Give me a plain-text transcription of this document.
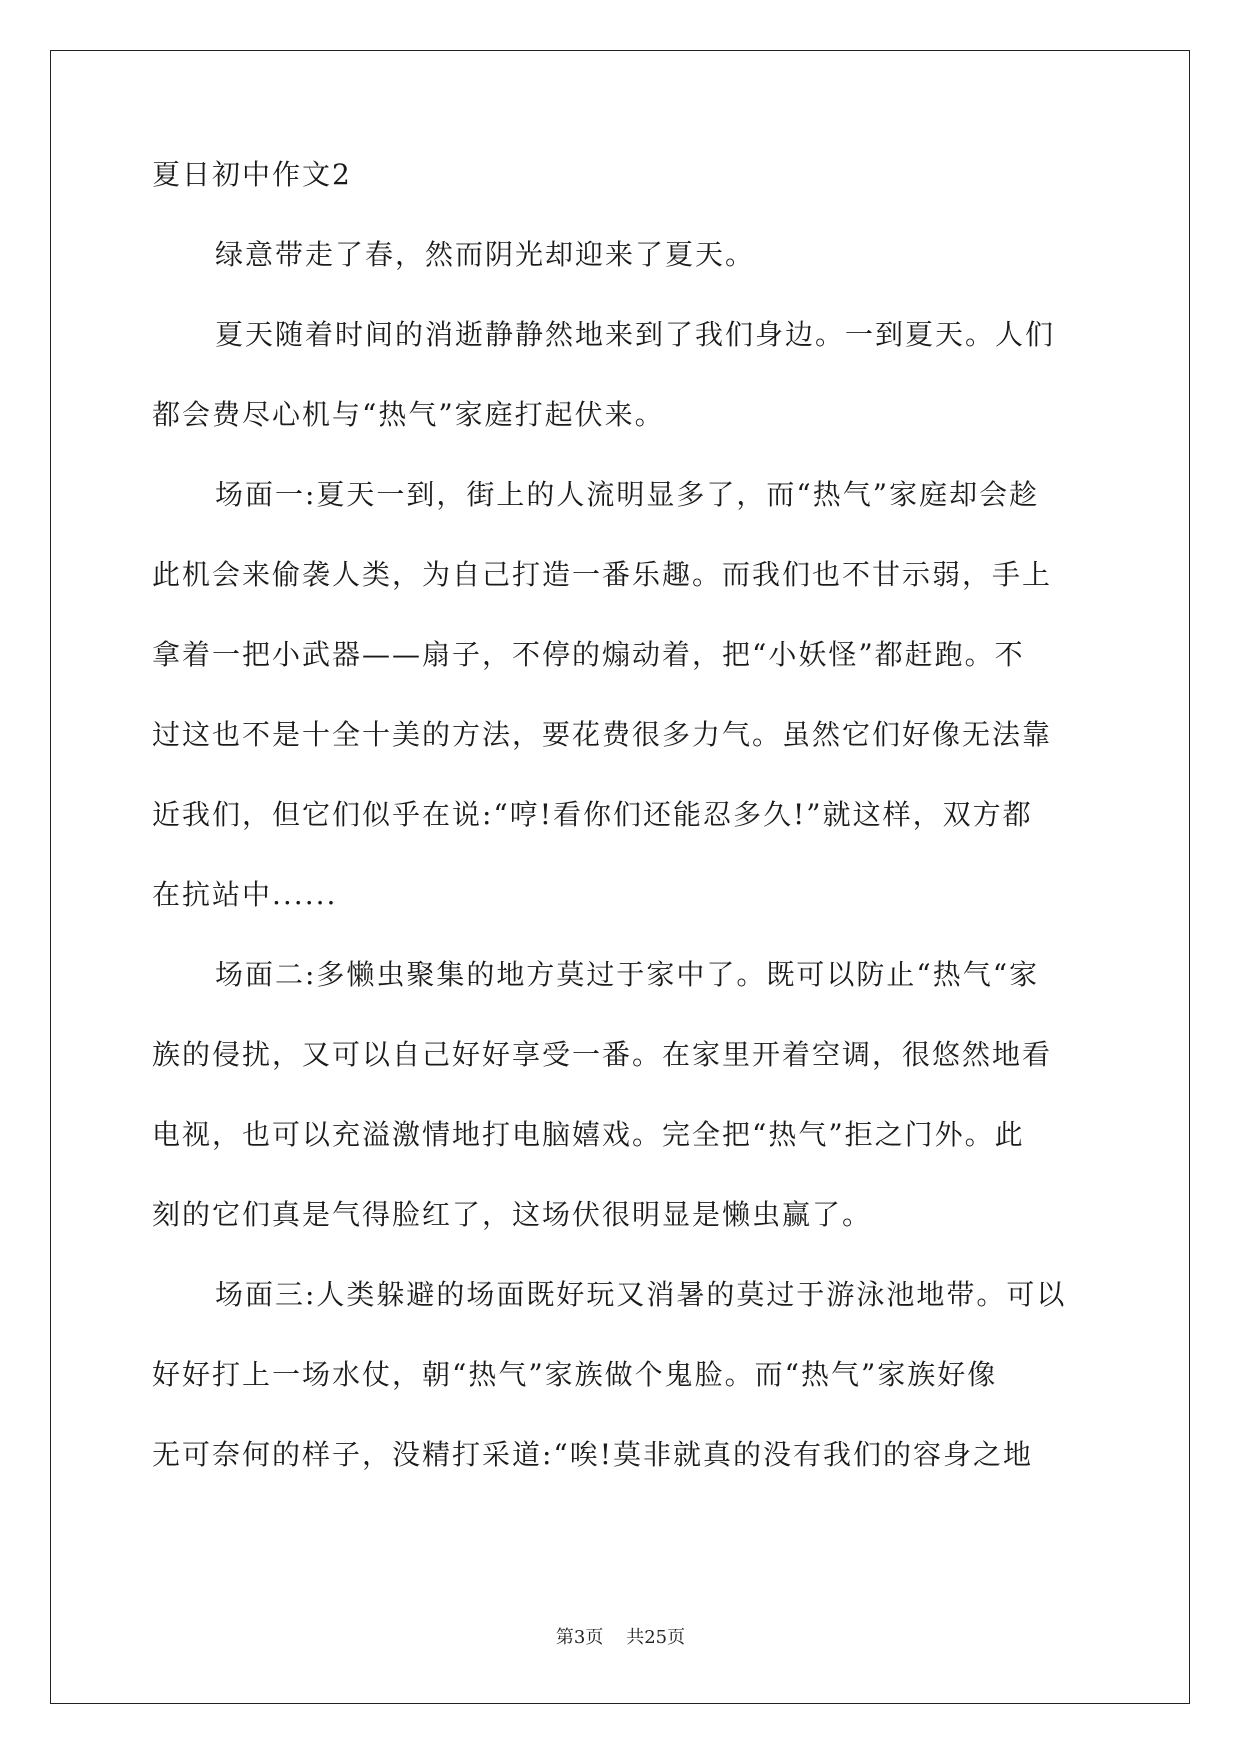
夏日初中作文2
绿意带走了春，然而阴光却迎来了夏天。
夏天随着时间的消逝静静然地来到了我们身边。一到夏天。人们
都会费尽心机与“热气”家庭打起伏来。
场面一:夏天一到，街上的人流明显多了，而“热气”家庭却会趁
此机会来偷袭人类，为自己打造一番乐趣。而我们也不甘示弱，手上
拿着一把小武器——扇子，不停的煽动着，把“小妖怪”都赶跑。不
过这也不是十全十美的方法，要花费很多力气。虽然它们好像无法靠
近我们，但它们似乎在说:“哼!看你们还能忍多久!”就这样，双方都
在抗站中......
场面二:多懒虫聚集的地方莫过于家中了。既可以防止“热气“家
族的侵扰，又可以自己好好享受一番。在家里开着空调，很悠然地看
电视，也可以充溢激情地打电脑嬉戏。完全把“热气”拒之门外。此
刻的它们真是气得脸红了，这场伏很明显是懒虫赢了。
场面三:人类躲避的场面既好玩又消暑的莫过于游泳池地带。可以
好好打上一场水仗，朝“热气”家族做个鬼脸。而“热气”家族好像
无可奈何的样子，没精打采道:“唉!莫非就真的没有我们的容身之地
第3页 共25页
